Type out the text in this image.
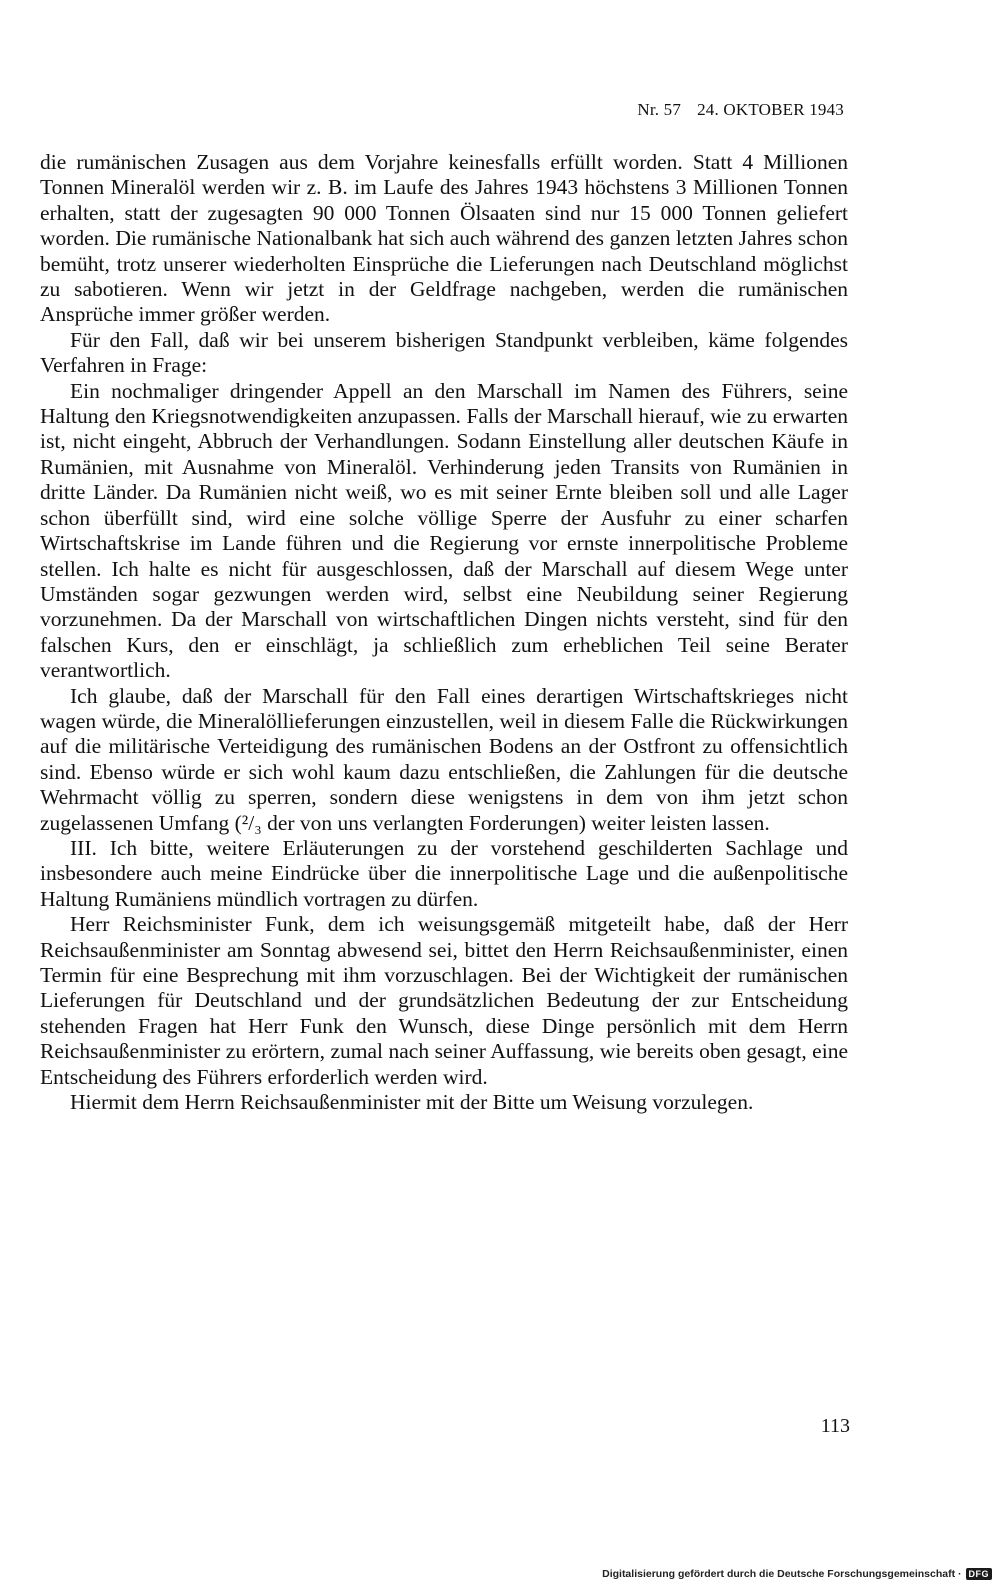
Nr. 57 24. OKTOBER 1943

die rumänischen Zusagen aus dem Vorjahre keinesfalls erfüllt worden. Statt 4 Millionen Tonnen Mineralöl werden wir z. B. im Laufe des Jahres 1943 höchstens 3 Millionen Tonnen erhalten, statt der zugesagten 90 000 Tonnen Ölsaaten sind nur 15 000 Tonnen geliefert worden. Die rumänische Nationalbank hat sich auch während des ganzen letzten Jahres schon bemüht, trotz unserer wiederholten Einsprüche die Lieferungen nach Deutschland möglichst zu sabotieren. Wenn wir jetzt in der Geldfrage nachgeben, werden die rumänischen Ansprüche immer größer werden.

Für den Fall, daß wir bei unserem bisherigen Standpunkt verbleiben, käme folgendes Verfahren in Frage:

Ein nochmaliger dringender Appell an den Marschall im Namen des Führers, seine Haltung den Kriegsnotwendigkeiten anzupassen. Falls der Marschall hierauf, wie zu erwarten ist, nicht eingeht, Abbruch der Verhandlungen. Sodann Einstellung aller deutschen Käufe in Rumänien, mit Ausnahme von Mineralöl. Verhinderung jeden Transits von Rumänien in dritte Länder. Da Rumänien nicht weiß, wo es mit seiner Ernte bleiben soll und alle Lager schon überfüllt sind, wird eine solche völlige Sperre der Ausfuhr zu einer scharfen Wirtschaftskrise im Lande führen und die Regierung vor ernste innerpolitische Probleme stellen. Ich halte es nicht für ausgeschlossen, daß der Marschall auf diesem Wege unter Umständen sogar gezwungen werden wird, selbst eine Neubildung seiner Regierung vorzunehmen. Da der Marschall von wirtschaftlichen Dingen nichts versteht, sind für den falschen Kurs, den er einschlägt, ja schließlich zum erheblichen Teil seine Berater verantwortlich.

Ich glaube, daß der Marschall für den Fall eines derartigen Wirtschaftskrieges nicht wagen würde, die Mineralöllieferungen einzustellen, weil in diesem Falle die Rückwirkungen auf die militärische Verteidigung des rumänischen Bodens an der Ostfront zu offensichtlich sind. Ebenso würde er sich wohl kaum dazu entschließen, die Zahlungen für die deutsche Wehrmacht völlig zu sperren, sondern diese wenigstens in dem von ihm jetzt schon zugelassenen Umfang (²/₃ der von uns verlangten Forderungen) weiter leisten lassen.

III. Ich bitte, weitere Erläuterungen zu der vorstehend geschilderten Sachlage und insbesondere auch meine Eindrücke über die innerpolitische Lage und die außenpolitische Haltung Rumäniens mündlich vortragen zu dürfen.

Herr Reichsminister Funk, dem ich weisungsgemäß mitgeteilt habe, daß der Herr Reichsaußenminister am Sonntag abwesend sei, bittet den Herrn Reichsaußenminister, einen Termin für eine Besprechung mit ihm vorzuschlagen. Bei der Wichtigkeit der rumänischen Lieferungen für Deutschland und der grundsätzlichen Bedeutung der zur Entscheidung stehenden Fragen hat Herr Funk den Wunsch, diese Dinge persönlich mit dem Herrn Reichsaußenminister zu erörtern, zumal nach seiner Auffassung, wie bereits oben gesagt, eine Entscheidung des Führers erforderlich werden wird.

Hiermit dem Herrn Reichsaußenminister mit der Bitte um Weisung vorzulegen.

113
Digitalisierung gefördert durch die Deutsche Forschungsgemeinschaft · DFG
